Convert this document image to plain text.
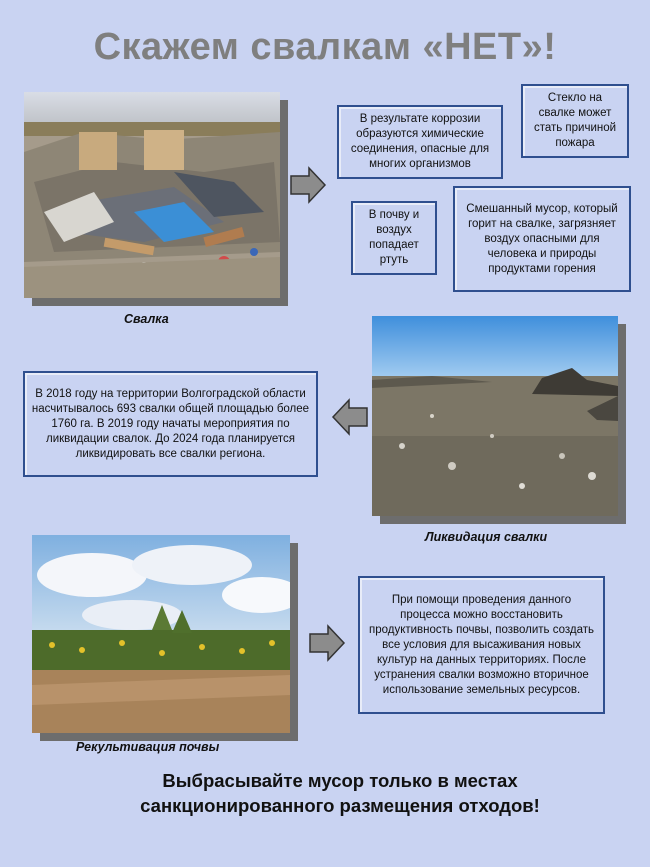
Скажем свалкам «НЕТ»!
Свалка
В результате коррозии образуются химические соединения, опасные для многих организмов
Стекло на свалке может стать причиной пожара
В почву и воздух попадает ртуть
Смешанный мусор, который горит на свалке, загрязняет воздух опасными для человека и природы продуктами горения
Ликвидация свалки
В 2018 году на территории Волгоградской области насчитывалось 693 свалки общей площадью более 1760 га. В 2019 году начаты мероприятия по ликвидации свалок. До 2024 года планируется ликвидировать все свалки региона.
Рекультивация почвы
При помощи проведения данного процесса можно восстановить продуктивность почвы, позволить создать все условия для высаживания новых культур на данных территориях. После устранения свалки возможно вторичное использование земельных ресурсов.
Выбрасывайте мусор только в местах санкционированного размещения отходов!
